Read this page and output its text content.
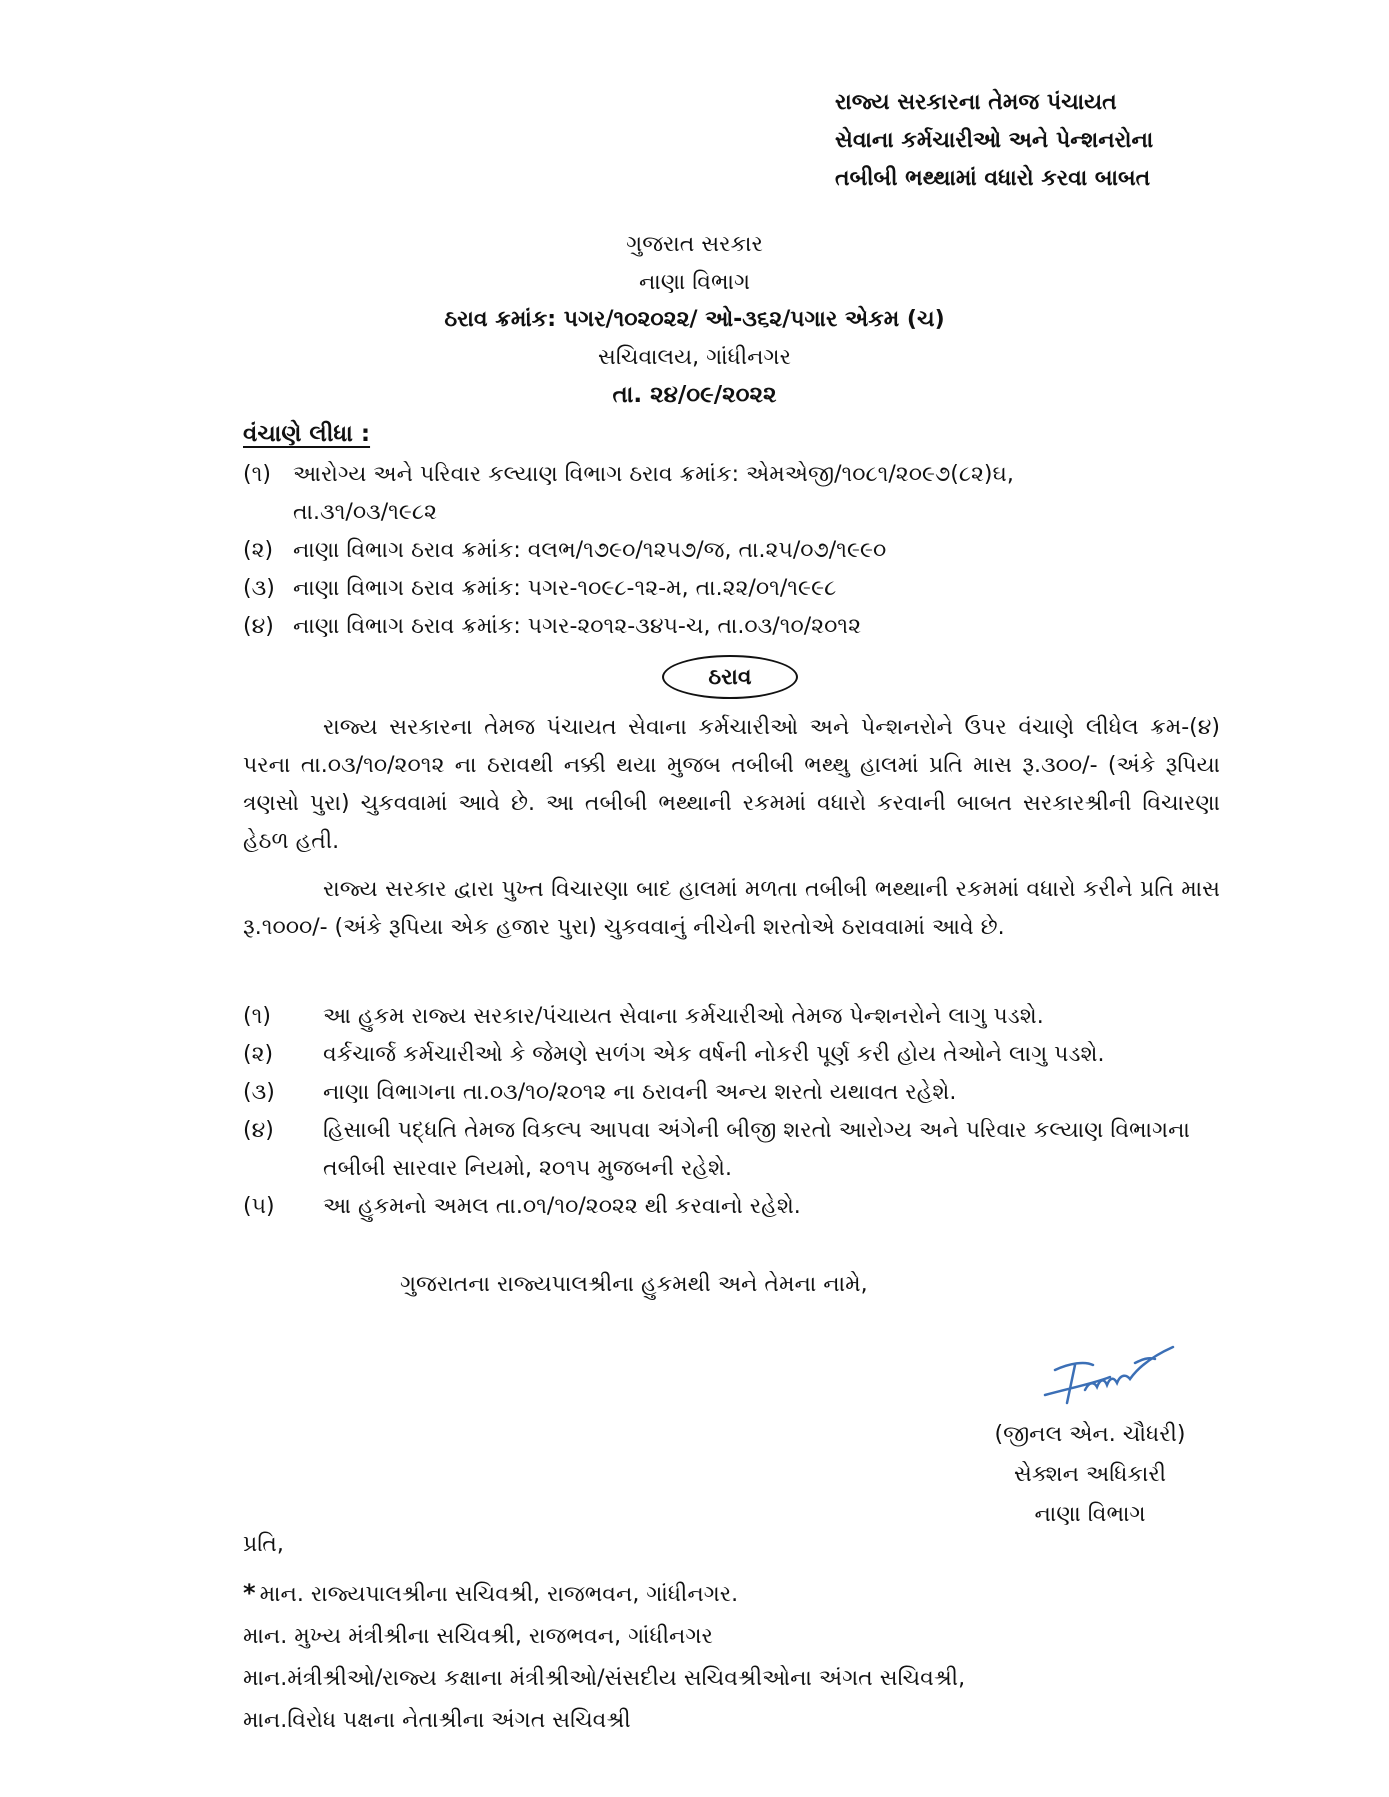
રાજ્ય સરકારના તેમજ પંચાયત
સેવાના કર્મચારીઓ અને પેન્શનરોના
તબીબી ભથ્થામાં વધારો કરવા બાબત
ગુજરાત સરકાર
નાણા વિભાગ
ઠરાવ ક્રમાંક: પગર/૧૦૨૦૨૨/ ઓ-૩૬૨/પગાર એકમ (ચ)
સચિવાલય, ગાંધીનગર
તા. ૨૪/૦૯/૨૦૨૨
વંચાણે લીધા :
(૧)	આરોગ્ય અને પરિવાર કલ્યાણ વિભાગ ઠરાવ ક્રમાંક: એમએજી/૧૦૮૧/૨૦૯૭(૮૨)ઘ,
તા.૩૧/૦૩/૧૯૮૨
(૨) નાણા વિભાગ ઠરાવ ક્રમાંક: વલભ/૧૭૯૦/૧૨૫૭/જ, તા.૨૫/૦૭/૧૯૯૦
(૩) નાણા વિભાગ ઠરાવ ક્રમાંક: પગર-૧૦૯૮-૧૨-મ, તા.૨૨/૦૧/૧૯૯૮
(૪) નાણા વિભાગ ઠરાવ ક્રમાંક: પગર-૨૦૧૨-૩૪૫-ચ, તા.૦૩/૧૦/૨૦૧૨
ઠરાવ

રાજ્ય સરકારના તેમજ પંચાયત સેવાના કર્મચારીઓ અને પેન્શનરોને ઉપર વંચાણે લીધેલ ક્રમ-(૪) પરના તા.૦૩/૧૦/૨૦૧૨ ના ઠરાવથી નક્કી થયા મુજબ તબીબી ભથ્થુ હાલમાં પ્રતિ માસ રૂ.૩૦૦/- (અંકે રૂપિયા ત્રણસો પુરા) ચુકવવામાં આવે છે. આ તબીબી ભથ્થાની રકમમાં વધારો કરવાની બાબત સરકારશ્રીની વિચારણા હેઠળ હતી.

રાજ્ય સરકાર દ્વારા પુખ્ત વિચારણા બાદ હાલમાં મળતા તબીબી ભથ્થાની રકમમાં વધારો કરીને પ્રતિ માસ રૂ.૧૦૦૦/- (અંકે રૂપિયા એક હજાર પુરા) ચુકવવાનું નીચેની શરતોએ ઠરાવવામાં આવે છે.

(૧)	આ હુકમ રાજ્ય સરકાર/પંચાયત સેવાના કર્મચારીઓ તેમજ પેન્શનરોને લાગુ પડશે.
(૨)	વર્કચાર્જ કર્મચારીઓ કે જેમણે સળંગ એક વર્ષની નોકરી પૂર્ણ કરી હોય તેઓને લાગુ પડશે.
(૩)	નાણા વિભાગના તા.૦૩/૧૦/૨૦૧૨ ના ઠરાવની અન્ય શરતો યથાવત રહેશે.
(૪)	હિસાબી પદ્ધતિ તેમજ વિકલ્પ આપવા અંગેની બીજી શરતો આરોગ્ય અને પરિવાર કલ્યાણ વિભાગના તબીબી સારવાર નિયમો, ૨૦૧૫ મુજબની રહેશે.
(૫)	આ હુકમનો અમલ તા.૦૧/૧૦/૨૦૨૨ થી કરવાનો રહેશે.
ગુજરાતના રાજ્યપાલશ્રીના હુકમથી અને તેમના નામે,
(જીનલ એન. ચૌધરી)
સેક્શન અધિકારી
નાણા વિભાગ
પ્રતિ,
* માન. રાજ્યપાલશ્રીના સચિવશ્રી, રાજભવન, ગાંધીનગર.
માન. મુખ્ય મંત્રીશ્રીના સચિવશ્રી, રાજભવન, ગાંધીનગર
માન.મંત્રીશ્રીઓ/રાજ્ય કક્ષાના મંત્રીશ્રીઓ/સંસદીય સચિવશ્રીઓના અંગત સચિવશ્રી,
માન.વિરોધ પક્ષના નેતાશ્રીના અંગત સચિવશ્રી
